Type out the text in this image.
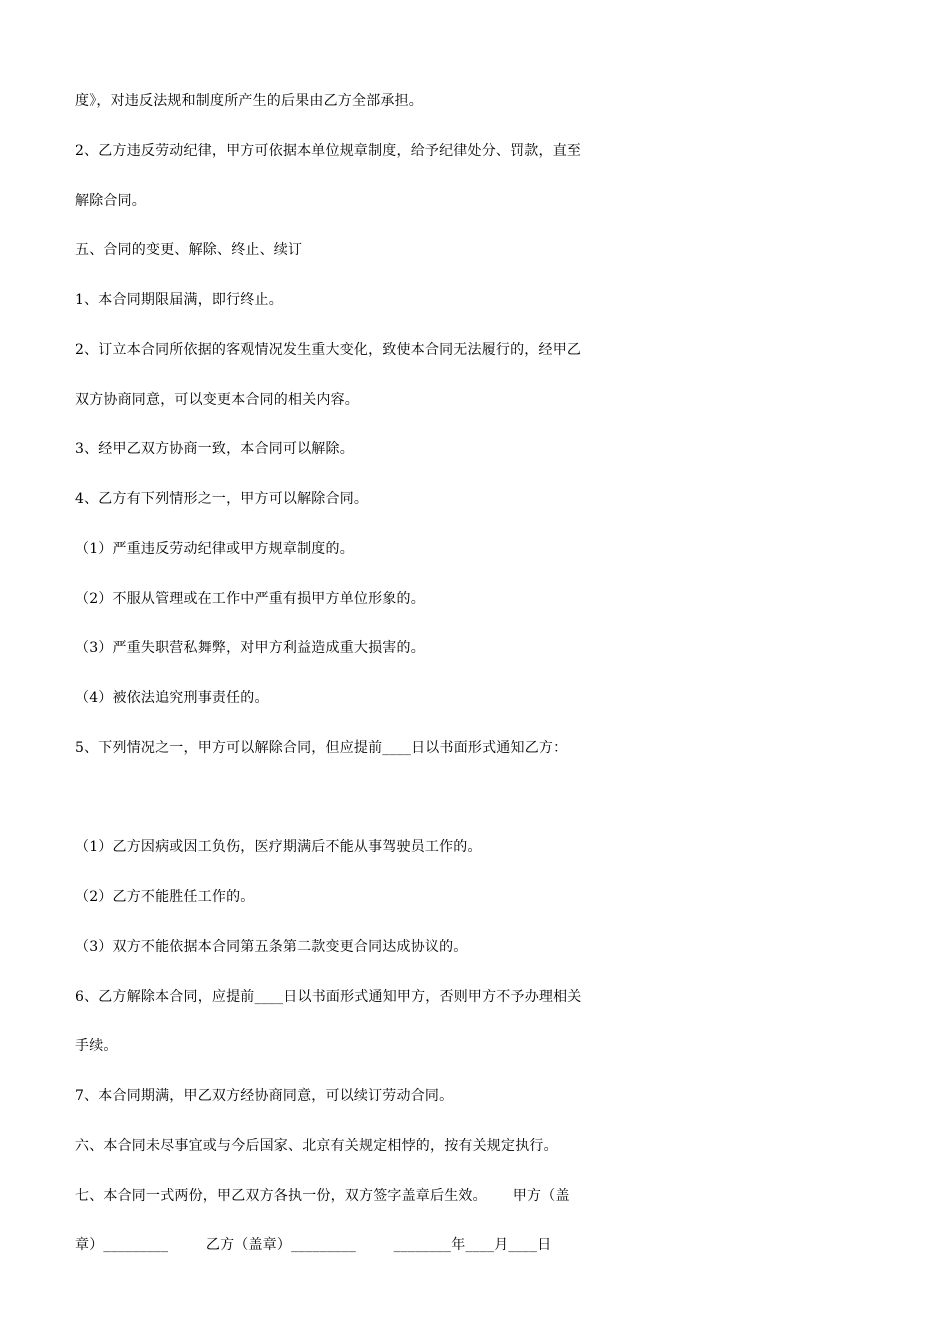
度》，对违反法规和制度所产生的后果由乙方全部承担。
2、乙方违反劳动纪律，甲方可依据本单位规章制度，给予纪律处分、罚款，直至
解除合同。
五、合同的变更、解除、终止、续订
1、本合同期限届满，即行终止。
2、订立本合同所依据的客观情况发生重大变化，致使本合同无法履行的，经甲乙
双方协商同意，可以变更本合同的相关内容。
3、经甲乙双方协商一致，本合同可以解除。
4、乙方有下列情形之一，甲方可以解除合同。
（1）严重违反劳动纪律或甲方规章制度的。
（2）不服从管理或在工作中严重有损甲方单位形象的。
（3）严重失职营私舞弊，对甲方利益造成重大损害的。
（4）被依法追究刑事责任的。
5、下列情况之一，甲方可以解除合同，但应提前____日以书面形式通知乙方：
（1）乙方因病或因工负伤，医疗期满后不能从事驾驶员工作的。
（2）乙方不能胜任工作的。
（3）双方不能依据本合同第五条第二款变更合同达成协议的。
6、乙方解除本合同，应提前____日以书面形式通知甲方，否则甲方不予办理相关
手续。
7、本合同期满，甲乙双方经协商同意，可以续订劳动合同。
六、本合同未尽事宜或与今后国家、北京有关规定相悖的，按有关规定执行。
七、本合同一式两份，甲乙双方各执一份，双方签字盖章后生效。　　 甲方（盖
章）_________ 　　 乙方（盖章）_________ 　　 ________年____月____日
